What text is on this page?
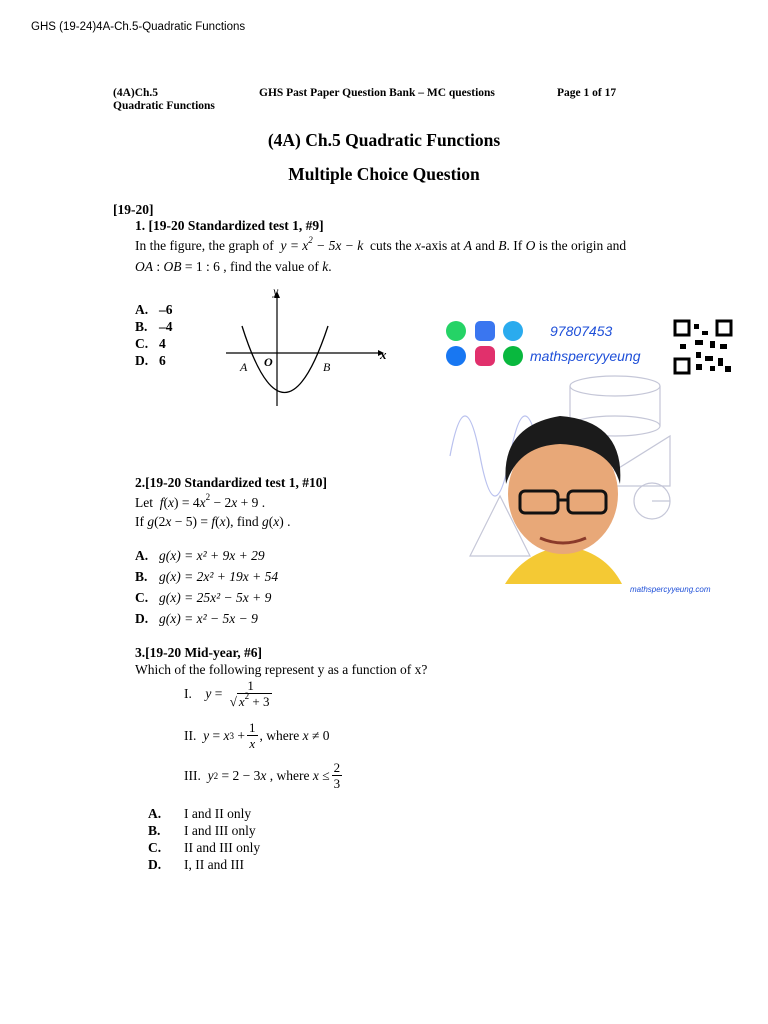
GHS (19-24)4A-Ch.5-Quadratic Functions
(4A)Ch.5
Quadratic Functions
GHS Past Paper Question Bank – MC questions	Page 1 of 17
(4A) Ch.5 Quadratic Functions
Multiple Choice Question
[19-20]
1. [19-20 Standardized test 1, #9]
In the figure, the graph of  $y = x^2 - 5x - k$  cuts the x-axis at A and B. If O is the origin and
OA : OB = 1 : 6 , find the value of k.
A. –6
B. –4
C. 4
D. 6
y
x
A O	B
2.[19-20 Standardized test 1, #10]
Let  $f(x) = 4x^2 - 2x + 9$ .
If g(2x − 5) = f(x), find g(x) .
A. g(x) = x² + 9x + 29
B. g(x) = 2x² + 19x + 54
C. g(x) = 25x² − 5x + 9
D. g(x) = x² − 5x − 9
3.[19-20 Mid-year, #6]
Which of the following represent y as a function of x?
I.
$y = \frac{1}{√ x^2 + 3}$
II.
y = x $3 + \frac{1}{x}$ , where
x ≠ 0
III.
y 2 = 2 − 3 x
, where
$x \le \frac{2}{3}$
A.	I and II only
B.	I and III only
C.	II and III only
D.	I, II and III
97807453
mathspercyyeung
mathspercyyeung.com
